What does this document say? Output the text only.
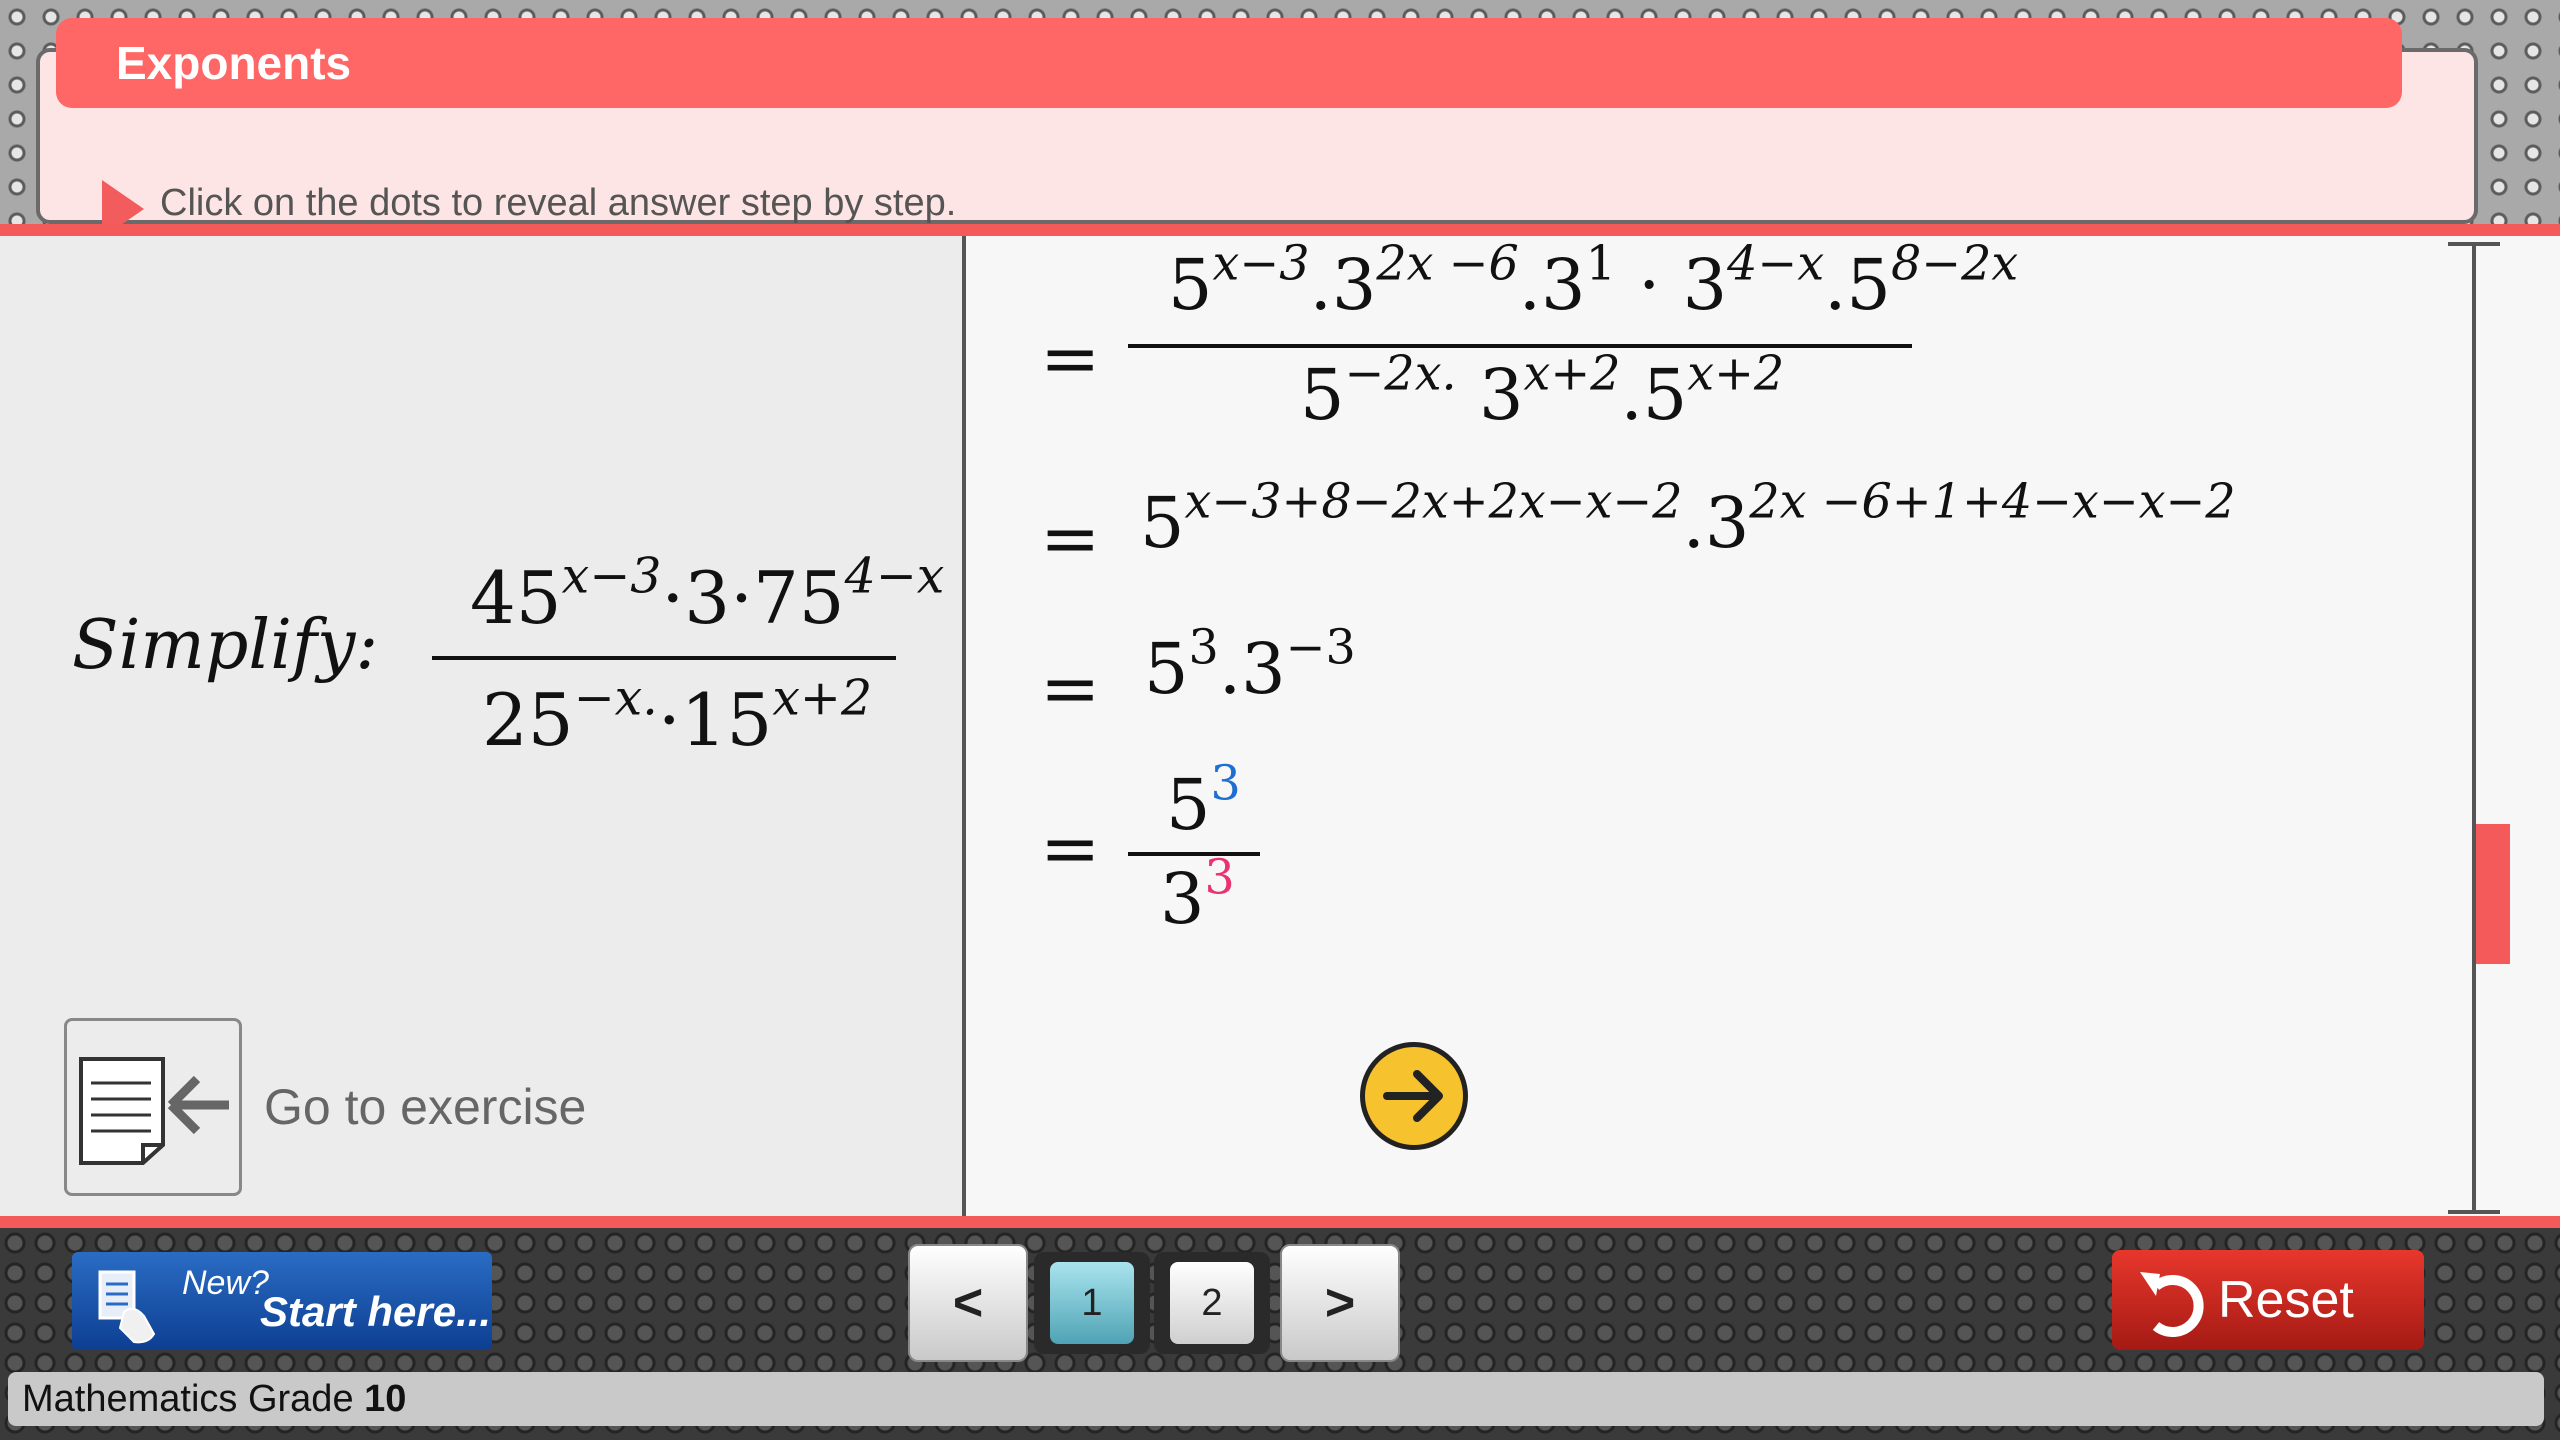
Click on the dots to reveal answer step by step.
Exponents
Simplify:
$45^{x-3}\cdot 3\cdot 75^{4-x}$
$25^{-x.}\cdot 15^{x+2}$
Go to exercise
=
$5^{x-3}.3^{2x -6}.3^1 \cdot 3^{4-x}.5^{8-2x}$
$5^{-2x.}$ $3^{x+2}.5^{x+2}$
= $5^{x-3+8-2x+2x-x-2}.3^{2x -6+1+4-x-x-2}$
= $5^3.3^{-3}$
=
$5^3$
$3^3$
New?
Start here...	<	1	2	>	Reset
Mathematics Grade 10
